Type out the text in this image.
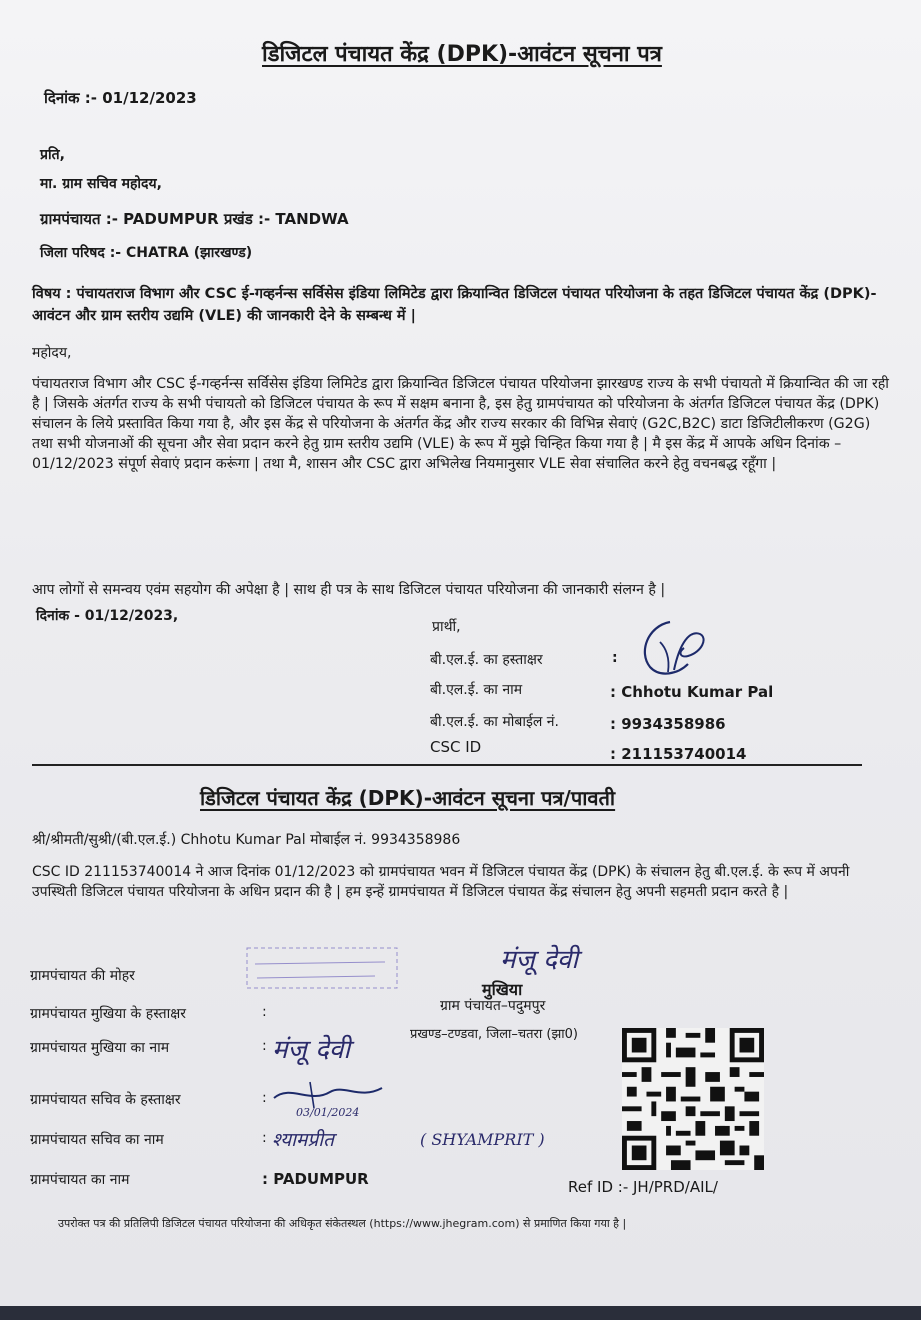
डिजिटल पंचायत केंद्र (DPK)-आवंटन सूचना पत्र
दिनांक :- 01/12/2023
प्रति,
मा. ग्राम सचिव महोदय,
ग्रामपंचायत :- PADUMPUR प्रखंड :- TANDWA
जिला परिषद :- CHATRA (झारखण्ड)
विषय : पंचायतराज विभाग और CSC ई-गव्हर्नन्स सर्विसेस इंडिया लिमिटेड द्वारा क्रियान्वित डिजिटल पंचायत परियोजना के तहत डिजिटल पंचायत केंद्र (DPK)-आवंटन और ग्राम स्तरीय उद्यमि (VLE) की जानकारी देने के सम्बन्ध में |
महोदय,
पंचायतराज विभाग और CSC ई-गव्हर्नन्स सर्विसेस इंडिया लिमिटेड द्वारा क्रियान्वित डिजिटल पंचायत परियोजना झारखण्ड राज्य के सभी पंचायतो में क्रियान्वित की जा रही है | जिसके अंतर्गत राज्य के सभी पंचायतो को डिजिटल पंचायत के रूप में सक्षम बनाना है, इस हेतु ग्रामपंचायत को परियोजना के अंतर्गत डिजिटल पंचायत केंद्र (DPK) संचालन के लिये प्रस्तावित किया गया है, और इस केंद्र से परियोजना के अंतर्गत केंद्र और राज्य सरकार की विभिन्न सेवाएं (G2C,B2C) डाटा डिजिटीलीकरण (G2G) तथा सभी योजनाओं की सूचना और सेवा प्रदान करने हेतु ग्राम स्तरीय उद्यमि (VLE) के रूप में मुझे चिन्हित किया गया है | मै इस केंद्र में आपके अधिन दिनांक – 01/12/2023 संपूर्ण सेवाएं प्रदान करूंगा | तथा मै, शासन और CSC द्वारा अभिलेख नियमानुसार VLE सेवा संचालित करने हेतु वचनबद्ध रहूँगा |
आप लोगों से समन्वय एवंम सहयोग की अपेक्षा है | साथ ही पत्र के साथ डिजिटल पंचायत परियोजना की जानकारी संलग्न है |
दिनांक - 01/12/2023,
प्रार्थी,
बी.एल.ई. का हस्ताक्षर	:
बी.एल.ई. का नाम	: Chhotu Kumar Pal
बी.एल.ई. का मोबाईल नं.	: 9934358986
CSC ID	: 211153740014
डिजिटल पंचायत केंद्र (DPK)-आवंटन सूचना पत्र/पावती
श्री/श्रीमती/सुश्री/(बी.एल.ई.) Chhotu Kumar Pal मोबाईल नं. 9934358986
CSC ID 211153740014 ने आज दिनांक 01/12/2023 को ग्रामपंचायत भवन में डिजिटल पंचायत केंद्र (DPK) के संचालन हेतु बी.एल.ई. के रूप में अपनी उपस्थिती डिजिटल पंचायत परियोजना के अधिन प्रदान की है | हम इन्हें ग्रामपंचायत में डिजिटल पंचायत केंद्र संचालन हेतु अपनी सहमती प्रदान करते है |
ग्रामपंचायत की मोहर
ग्रामपंचायत मुखिया के हस्ताक्षर	:
ग्रामपंचायत मुखिया का नाम	:
ग्रामपंचायत सचिव के हस्ताक्षर	:
ग्रामपंचायत सचिव का नाम	:
ग्रामपंचायत का नाम	: PADUMPUR
मंजू देवी
मुखिया
ग्राम पंचायत–पदुमपुर
प्रखण्ड–टण्डवा, जिला–चतरा (झा0)
मंजू देवी
03/01/2024
श्यामप्रीत	( SHYAMPRIT )
Ref ID :- JH/PRD/AIL/
उपरोक्त पत्र की प्रतिलिपी डिजिटल पंचायत परियोजना की अधिकृत संकेतस्थल (https://www.jhegram.com) से प्रमाणित किया गया है |
